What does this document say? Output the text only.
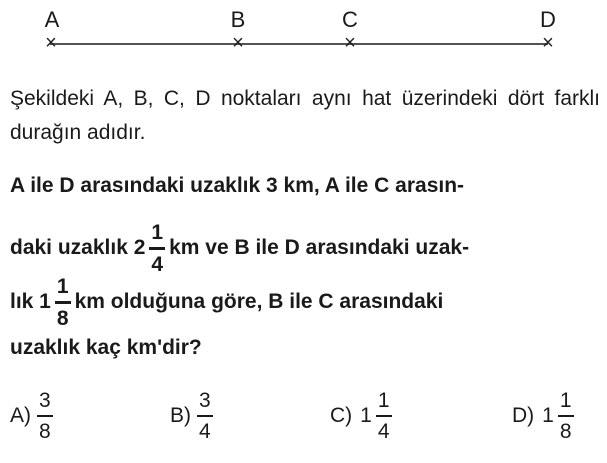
A	B	C	D
×	×	×	×
Şekildeki A, B, C, D noktaları aynı hat üzerindeki dört farklı durağın adıdır.
A ile D arasındaki uzaklık 3 km, A ile C arasın-
daki uzaklık $2 \frac{1}{4}$ km ve B ile D arasındaki uzak-
lık $1 \frac{1}{8}$ km olduğuna göre, B ile C arasındaki
uzaklık kaç km'dir?
$A) \frac{3}{8}$	$B) \frac{3}{4}$	C) $1 \frac{1}{4}$	D) $1 \frac{1}{8}$
